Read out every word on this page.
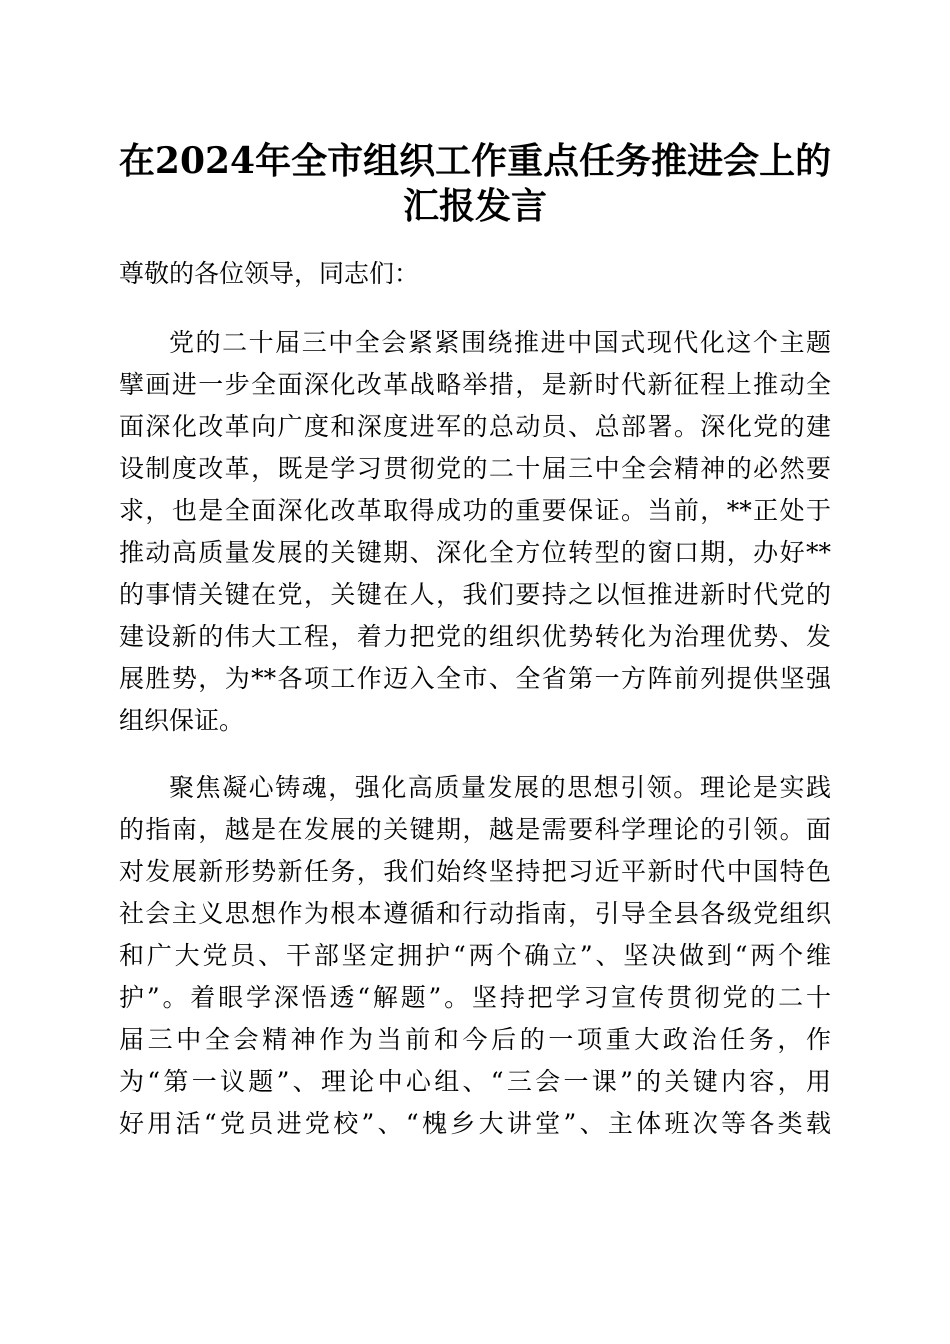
在2024年全市组织工作重点任务推进会上的
汇报发言
尊敬的各位领导，同志们：
党的二十届三中全会紧紧围绕推进中国式现代化这个主题
擘画进一步全面深化改革战略举措，是新时代新征程上推动全
面深化改革向广度和深度进军的总动员、总部署。深化党的建
设制度改革，既是学习贯彻党的二十届三中全会精神的必然要
求，也是全面深化改革取得成功的重要保证。当前，**正处于
推动高质量发展的关键期、深化全方位转型的窗口期，办好**
的事情关键在党，关键在人，我们要持之以恒推进新时代党的
建设新的伟大工程，着力把党的组织优势转化为治理优势、发
展胜势，为**各项工作迈入全市、全省第一方阵前列提供坚强
组织保证。
聚焦凝心铸魂，强化高质量发展的思想引领。理论是实践
的指南，越是在发展的关键期，越是需要科学理论的引领。面
对发展新形势新任务，我们始终坚持把习近平新时代中国特色
社会主义思想作为根本遵循和行动指南，引导全县各级党组织
和广大党员、干部坚定拥护“两个确立”、坚决做到“两个维
护”。着眼学深悟透“解题”。坚持把学习宣传贯彻党的二十
届三中全会精神作为当前和今后的一项重大政治任务，作
为“第一议题”、理论中心组、“三会一课”的关键内容，用
好用活“党员进党校”、“槐乡大讲堂”、主体班次等各类载
